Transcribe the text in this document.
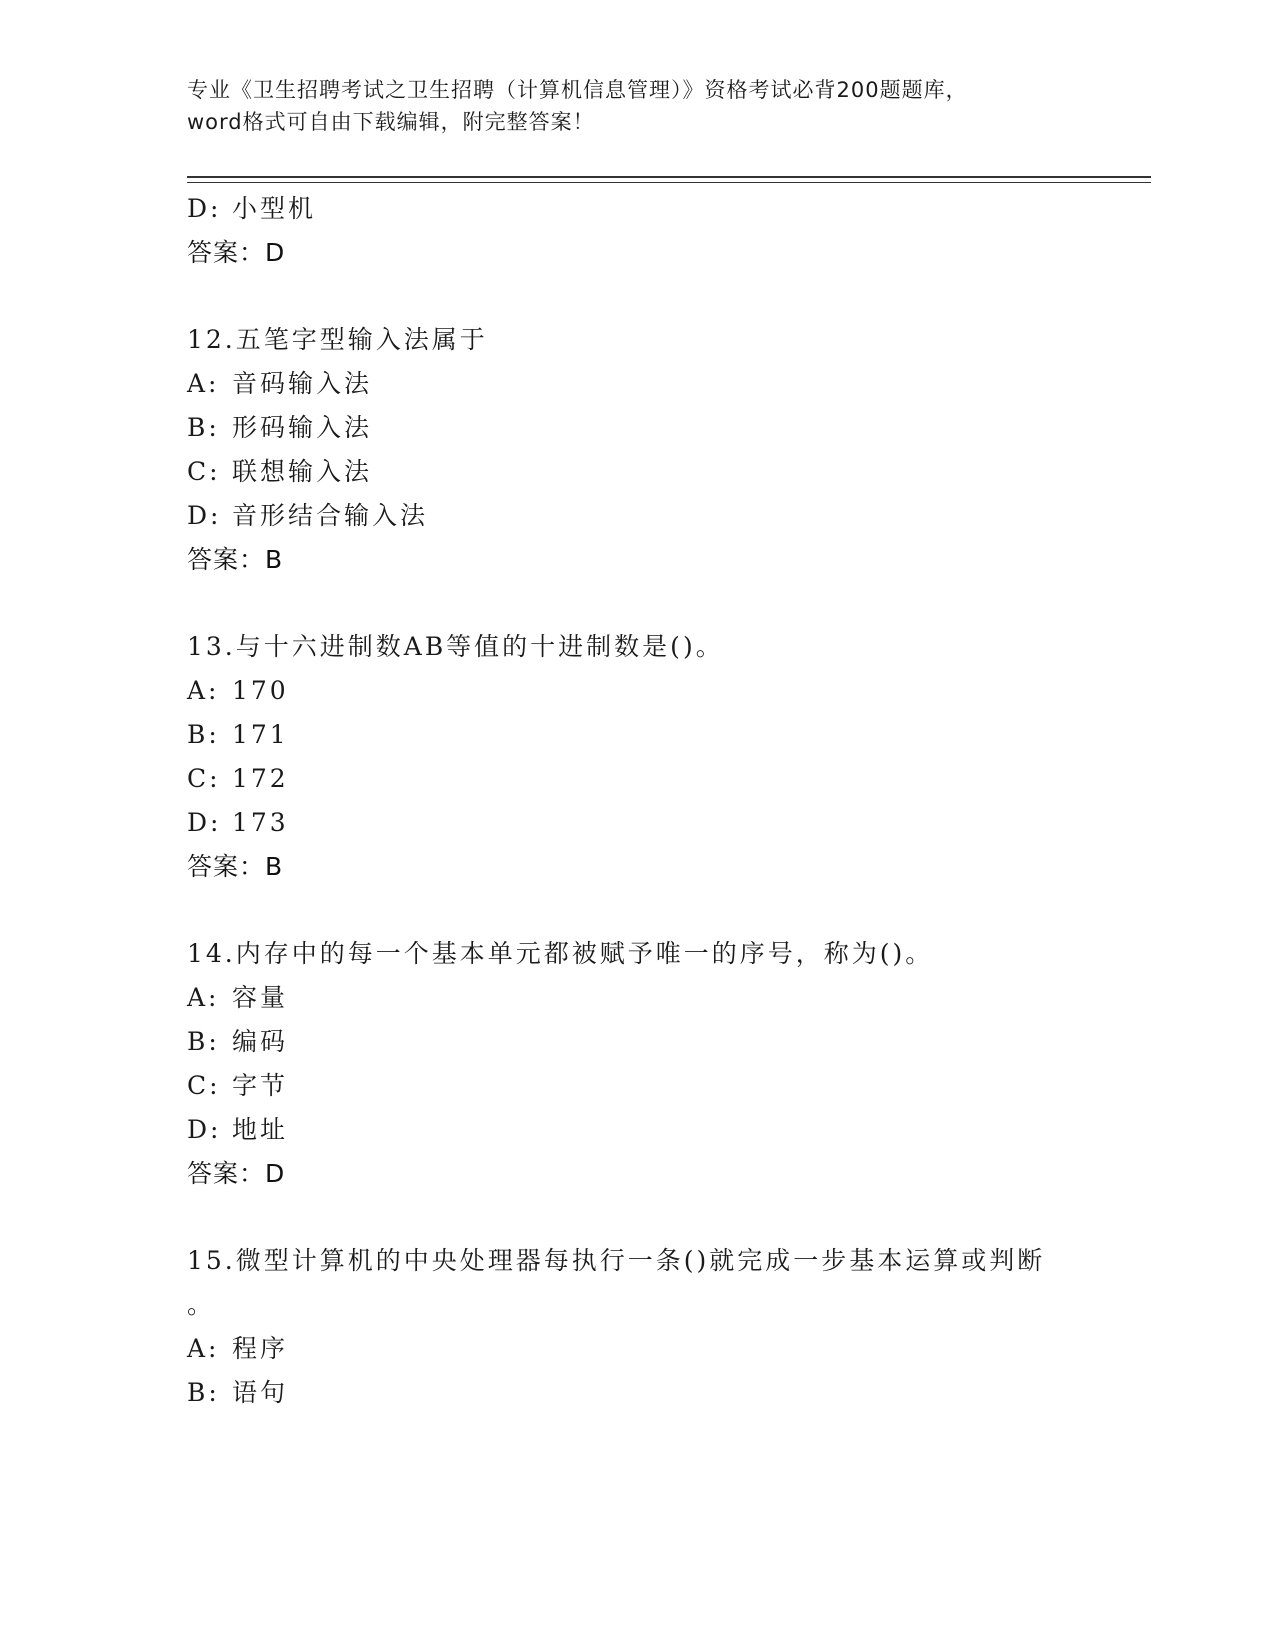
专业《卫生招聘考试之卫生招聘（计算机信息管理）》资格考试必背200题题库，
word格式可自由下载编辑，附完整答案！
D: 小型机
答案：D
12.五笔字型输入法属于
A: 音码输入法
B: 形码输入法
C: 联想输入法
D: 音形结合输入法
答案：B
13.与十六进制数AB等值的十进制数是()。
A: 170
B: 171
C: 172
D: 173
答案：B
14.内存中的每一个基本单元都被赋予唯一的序号，称为()。
A: 容量
B: 编码
C: 字节
D: 地址
答案：D
15.微型计算机的中央处理器每执行一条()就完成一步基本运算或判断
。
A: 程序
B: 语句
